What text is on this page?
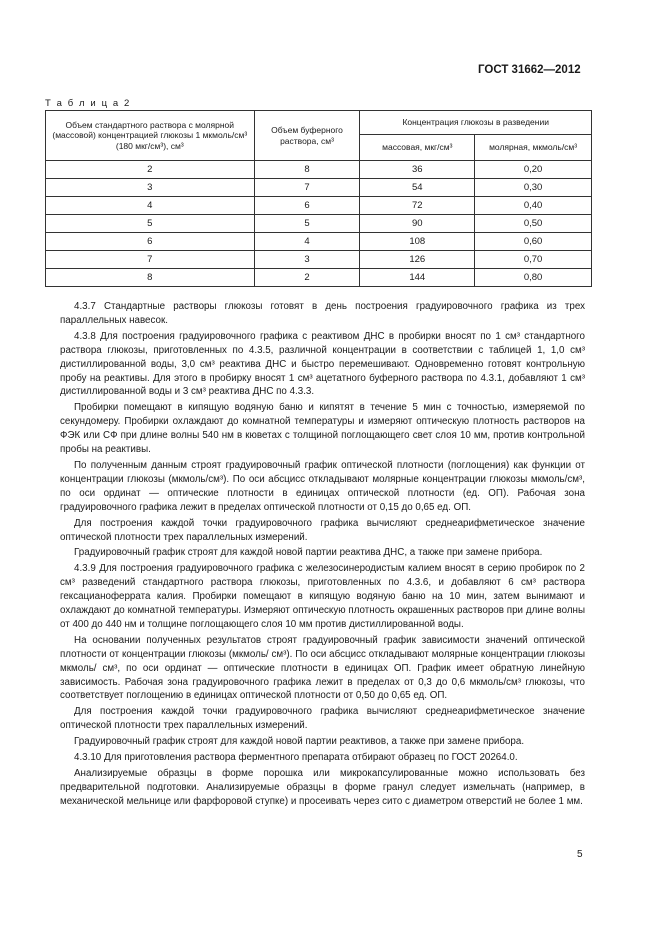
ГОСТ 31662—2012
Т а б л и ц а 2
Объем стандартного раствора с молярной (массовой) концентрацией глюкозы 1 мкмоль/см³ (180 мкг/см³), см³	Объем буферного раствора, см³	Концентрация глюкозы в разведении	
		массовая, мкг/см³	молярная, мкмоль/см³
2	8	36	0,20
3	7	54	0,30
4	6	72	0,40
5	5	90	0,50
6	4	108	0,60
7	3	126	0,70
8	2	144	0,80

4.3.7 Стандартные растворы глюкозы готовят в день построения градуировочного графика из трех параллельных навесок.

4.3.8 Для построения градуировочного графика с реактивом ДНС в пробирки вносят по 1 см³ стандартного раствора глюкозы, приготовленных по 4.3.5, различной концентрации в соответствии с таблицей 1, 1,0 см³ дистиллированной воды, 3,0 см³ реактива ДНС и быстро перемешивают. Одновременно готовят контрольную пробу на реактивы. Для этого в пробирку вносят 1 см³ ацетатного буферного раствора по 4.3.1, добавляют 1 см³ дистиллированной воды и 3 см³ реактива ДНС по 4.3.3.

Пробирки помещают в кипящую водяную баню и кипятят в течение 5 мин с точностью, измеряемой по секундомеру. Пробирки охлаждают до комнатной температуры и измеряют оптическую плотность растворов на ФЭК или СФ при длине волны 540 нм в кюветах с толщиной поглощающего свет слоя 10 мм, против контрольной пробы на реактивы.

По полученным данным строят градуировочный график оптической плотности (поглощения) как функции от концентрации глюкозы (мкмоль/см³). По оси абсцисс откладывают молярные концентрации глюкозы мкмоль/см³, по оси ординат — оптические плотности в единицах оптической плотности (ед. ОП). Рабочая зона градуировочного графика лежит в пределах оптической плотности от 0,15 до 0,65 ед. ОП.

Для построения каждой точки градуировочного графика вычисляют среднеарифметическое значение оптической плотности трех параллельных измерений.

Градуировочный график строят для каждой новой партии реактива ДНС, а также при замене прибора.

4.3.9 Для построения градуировочного графика с железосинеродистым калием вносят в серию пробирок по 2 см³ разведений стандартного раствора глюкозы, приготовленных по 4.3.6, и добавляют 6 см³ раствора гексацианоферрата калия. Пробирки помещают в кипящую водяную баню на 10 мин, затем вынимают и охлаждают до комнатной температуры. Измеряют оптическую плотность окрашенных растворов при длине волны от 400 до 440 нм и толщине поглощающего слоя 10 мм против дистиллированной воды.

На основании полученных результатов строят градуировочный график зависимости значений оптической плотности от концентрации глюкозы (мкмоль/ см³). По оси абсцисс откладывают молярные концентрации глюкозы мкмоль/ см³, по оси ординат — оптические плотности в единицах ОП. График имеет обратную линейную зависимость. Рабочая зона градуировочного графика лежит в пределах от 0,3 до 0,6 мкмоль/см³ глюкозы, что соответствует поглощению в единицах оптической плотности от 0,50 до 0,65 ед. ОП.

Для построения каждой точки градуировочного графика вычисляют среднеарифметическое значение оптической плотности трех параллельных измерений.

Градуировочный график строят для каждой новой партии реактивов, а также при замене прибора.

4.3.10 Для приготовления раствора ферментного препарата отбирают образец по ГОСТ 20264.0.

Анализируемые образцы в форме порошка или микрокапсулированные можно использовать без предварительной подготовки. Анализируемые образцы в форме гранул следует измельчать (например, в механической мельнице или фарфоровой ступке) и просеивать через сито с диаметром отверстий не более 1 мм.

5
